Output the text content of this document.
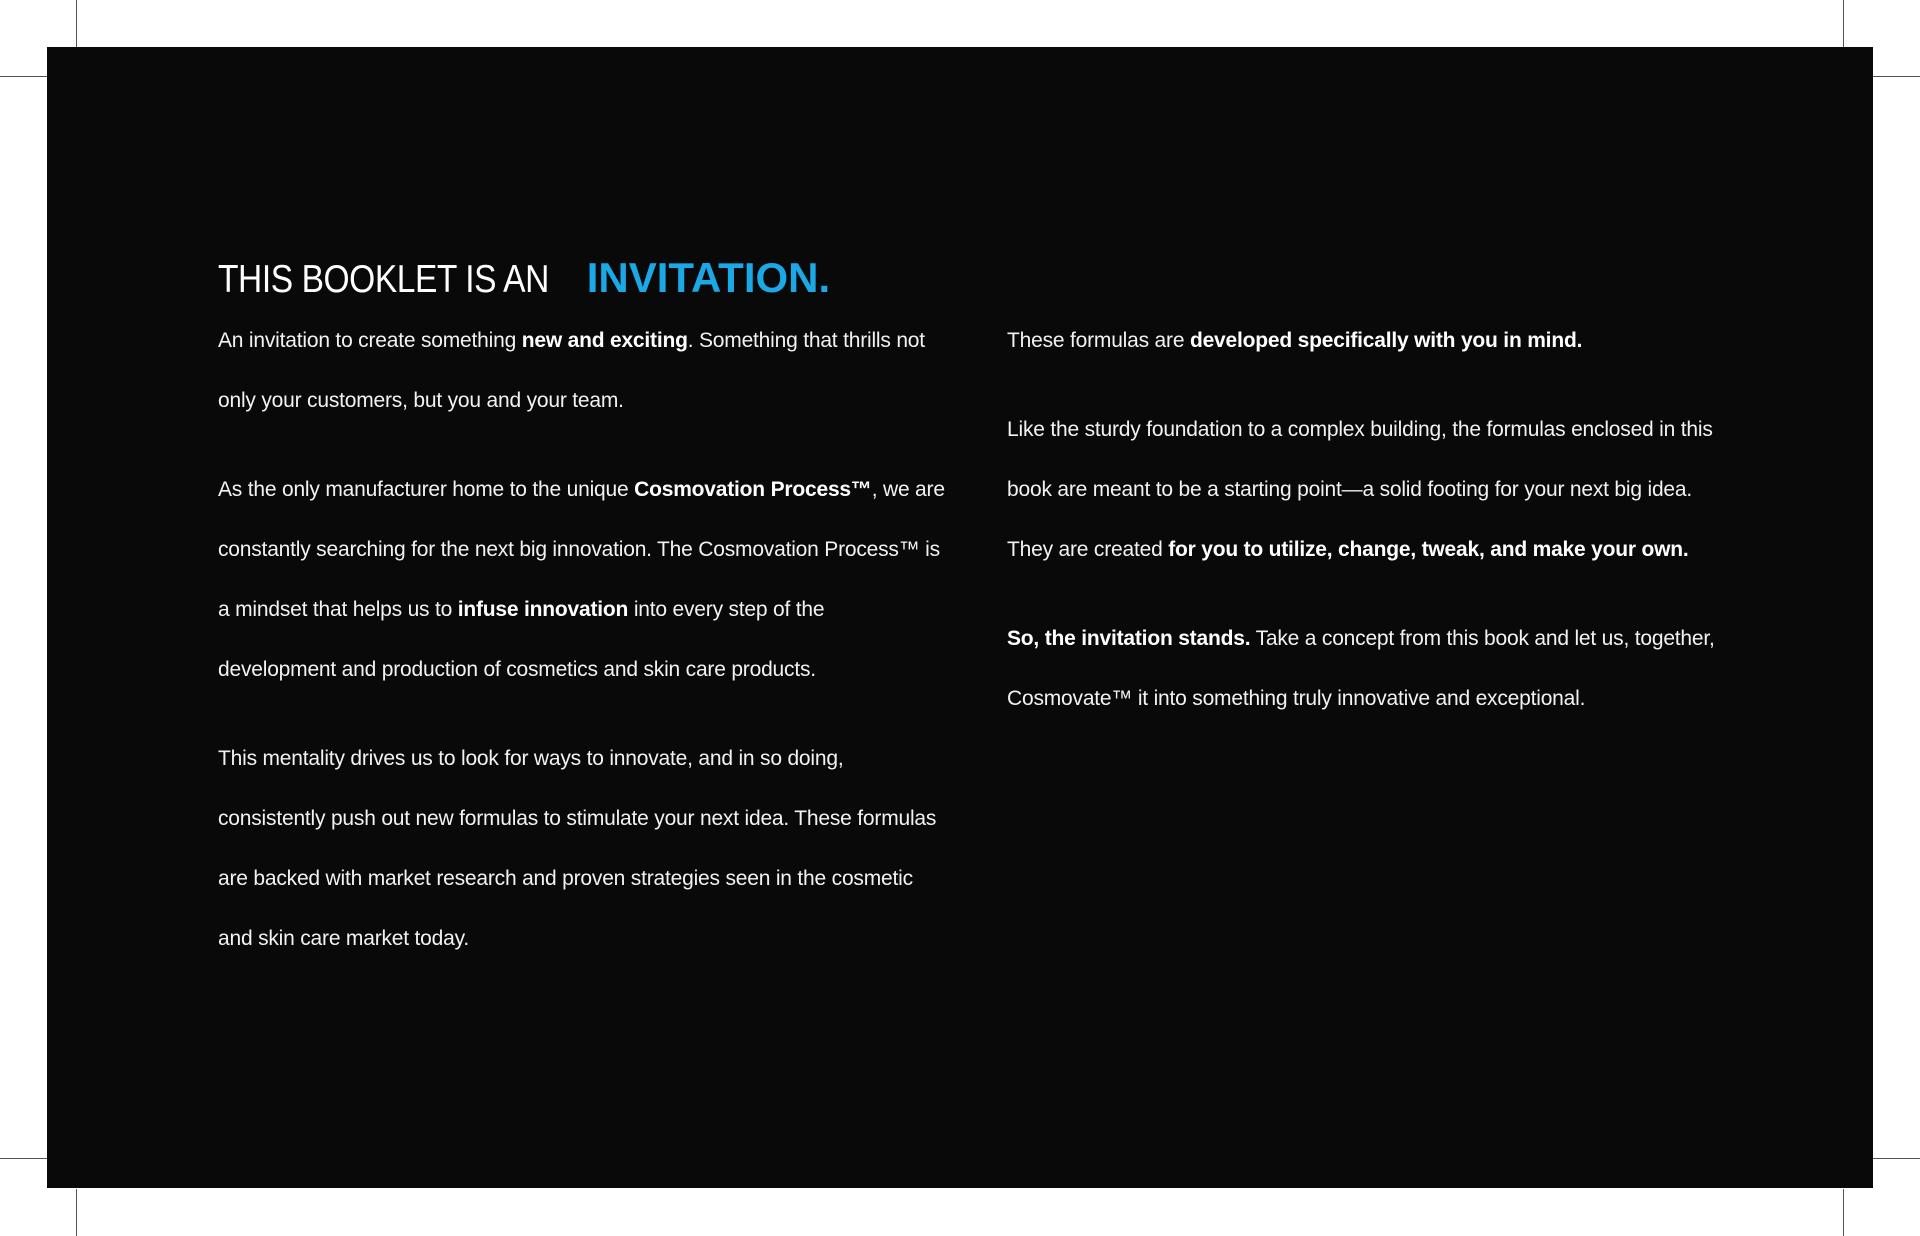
THIS BOOKLET IS AN INVITATION.

An invitation to create something new and exciting. Something that thrills not only your customers, but you and your team.

As the only manufacturer home to the unique Cosmovation Process™, we are constantly searching for the next big innovation. The Cosmovation Process™ is a mindset that helps us to infuse innovation into every step of the development and production of cosmetics and skin care products.

This mentality drives us to look for ways to innovate, and in so doing, consistently push out new formulas to stimulate your next idea. These formulas are backed with market research and proven strategies seen in the cosmetic and skin care market today.

These formulas are developed specifically with you in mind.

Like the sturdy foundation to a complex building, the formulas enclosed in this book are meant to be a starting point—a solid footing for your next big idea. They are created for you to utilize, change, tweak, and make your own.

So, the invitation stands. Take a concept from this book and let us, together, Cosmovate™ it into something truly innovative and exceptional.
